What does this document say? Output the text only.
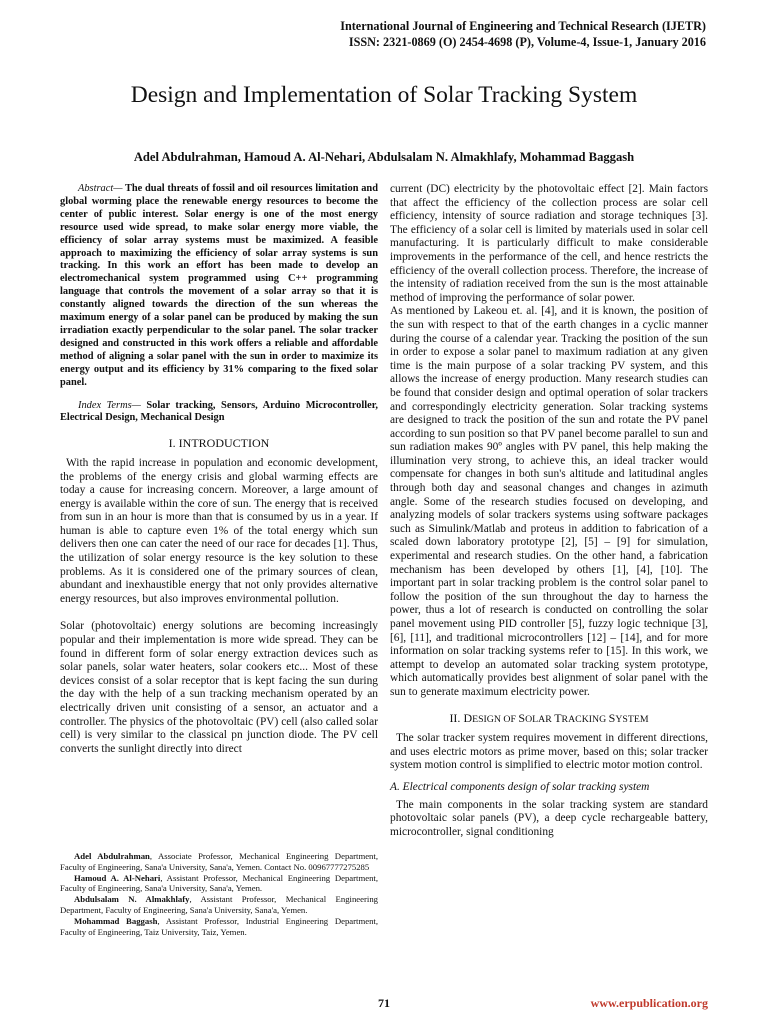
International Journal of Engineering and Technical Research (IJETR)
ISSN: 2321-0869 (O) 2454-4698 (P), Volume-4, Issue-1, January 2016
Design and Implementation of Solar Tracking System
Adel Abdulrahman, Hamoud A. Al-Nehari, Abdulsalam N. Almakhlafy, Mohammad Baggash

Abstract— The dual threats of fossil and oil resources limitation and global worming place the renewable energy resources to become the center of public interest. Solar energy is one of the most energy resource used wide spread, to make solar energy more viable, the efficiency of solar array systems must be maximized. A feasible approach to maximizing the efficiency of solar array systems is sun tracking. In this work an effort has been made to develop an electromechanical system programmed using C++ programming language that controls the movement of a solar array so that it is constantly aligned towards the direction of the sun whereas the maximum energy of a solar panel can be produced by making the sun irradiation exactly perpendicular to the solar panel. The solar tracker designed and constructed in this work offers a reliable and affordable method of aligning a solar panel with the sun in order to maximize its energy output and its efficiency by 31% comparing to the fixed solar panel.

Index Terms— Solar tracking, Sensors, Arduino Microcontroller, Electrical Design, Mechanical Design

I. INTRODUCTION

With the rapid increase in population and economic development, the problems of the energy crisis and global warming effects are today a cause for increasing concern. Moreover, a large amount of energy is available within the core of sun. The energy that is received from sun in an hour is more than that is consumed by us in a year. If human is able to capture even 1% of the total energy which sun delivers then one can cater the need of our race for decades [1]. Thus, the utilization of solar energy resource is the key solution to these problems. As it is considered one of the primary sources of clean, abundant and inexhaustible energy that not only provides alternative energy resources, but also improves environmental pollution.

Solar (photovoltaic) energy solutions are becoming increasingly popular and their implementation is more wide spread. They can be found in different form of solar energy extraction devices such as solar panels, solar water heaters, solar cookers etc... Most of these devices consist of a solar receptor that is kept facing the sun during the day with the help of a sun tracking mechanism operated by an electrically driven unit consisting of a sensor, an actuator and a controller. The physics of the photovoltaic (PV) cell (also called solar cell) is very similar to the classical pn junction diode. The PV cell converts the sunlight directly into direct

current (DC) electricity by the photovoltaic effect [2]. Main factors that affect the efficiency of the collection process are solar cell efficiency, intensity of source radiation and storage techniques [3]. The efficiency of a solar cell is limited by materials used in solar cell manufacturing. It is particularly difficult to make considerable improvements in the performance of the cell, and hence restricts the efficiency of the overall collection process. Therefore, the increase of the intensity of radiation received from the sun is the most attainable method of improving the performance of solar power.

As mentioned by Lakeou et. al. [4], and it is known, the position of the sun with respect to that of the earth changes in a cyclic manner during the course of a calendar year. Tracking the position of the sun in order to expose a solar panel to maximum radiation at any given time is the main purpose of a solar tracking PV system, and this allows the increase of energy production. Many research studies can be found that consider design and optimal operation of solar trackers and correspondingly electricity generation. Solar tracking systems are designed to track the position of the sun and rotate the PV panel according to sun position so that PV panel become parallel to sun and sun radiation makes 90º angles with PV panel, this help making the illumination very strong, to achieve this, an ideal tracker would compensate for changes in both sun's altitude and latitudinal angles through both day and seasonal changes and changes in azimuth angle. Some of the research studies focused on developing, and analyzing models of solar trackers systems using software packages such as Simulink/Matlab and proteus in addition to fabrication of a scaled down laboratory prototype [2], [5] – [9] for simulation, experimental and research studies. On the other hand, a fabrication mechanism has been developed by others [1], [4], [10]. The important part in solar tracking problem is the control solar panel to follow the position of the sun throughout the day to harness the power, thus a lot of research is conducted on controlling the solar panel movement using PID controller [5], fuzzy logic technique [3], [6], [11], and traditional microcontrollers [12] – [14], and for more information on solar tracking systems refer to [15]. In this work, we attempt to develop an automated solar tracking system prototype, which automatically provides best alignment of solar panel with the sun to generate maximum electricity power.

II. DESIGN OF SOLAR TRACKING SYSTEM

The solar tracker system requires movement in different directions, and uses electric motors as prime mover, based on this; solar tracker system motion control is simplified to electric motor motion control.

A. Electrical components design of solar tracking system

The main components in the solar tracking system are standard photovoltaic solar panels (PV), a deep cycle rechargeable battery, microcontroller, signal conditioning

Adel Abdulrahman, Associate Professor, Mechanical Engineering Department, Faculty of Engineering, Sana'a University, Sana'a, Yemen. Contact No. 00967777275285

Hamoud A. Al-Nehari, Assistant Professor, Mechanical Engineering Department, Faculty of Engineering, Sana'a University, Sana'a, Yemen.

Abdulsalam N. Almakhlafy, Assistant Professor, Mechanical Engineering Department, Faculty of Engineering, Sana'a University, Sana'a, Yemen.

Mohammad Baggash, Assistant Professor, Industrial Engineering Department, Faculty of Engineering, Taiz University, Taiz, Yemen.

71	www.erpublication.org
